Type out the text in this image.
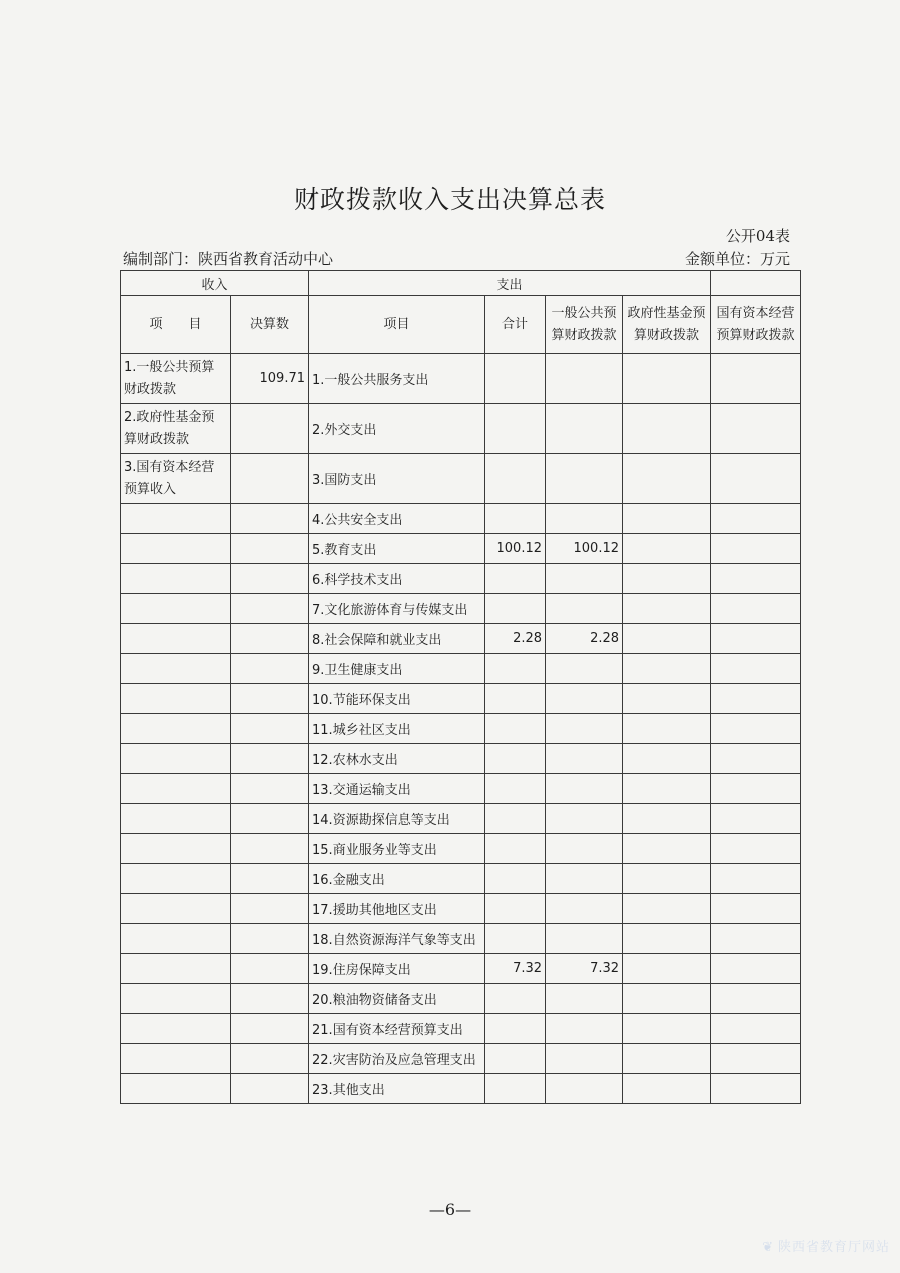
财政拨款收入支出决算总表
公开04表
编制部门：陕西省教育活动中心	金额单位：万元
收入		支出				
项　　目	决算数	项目	合计	一般公共预算财政拨款	政府性基金预算财政拨款	国有资本经营预算财政拨款
1.一般公共预算财政拨款	109.71	1.一般公共服务支出				
2.政府性基金预算财政拨款		2.外交支出				
3.国有资本经营预算收入		3.国防支出				
		4.公共安全支出				
		5.教育支出	100.12	100.12		
		6.科学技术支出				
		7.文化旅游体育与传媒支出				
		8.社会保障和就业支出	2.28	2.28		
		9.卫生健康支出				
		10.节能环保支出				
		11.城乡社区支出				
		12.农林水支出				
		13.交通运输支出				
		14.资源勘探信息等支出				
		15.商业服务业等支出				
		16.金融支出				
		17.援助其他地区支出				
		18.自然资源海洋气象等支出				
		19.住房保障支出	7.32	7.32		
		20.粮油物资储备支出				
		21.国有资本经营预算支出				
		22.灾害防治及应急管理支出				
		23.其他支出				
—6—
❦ 陕西省教育厅网站
